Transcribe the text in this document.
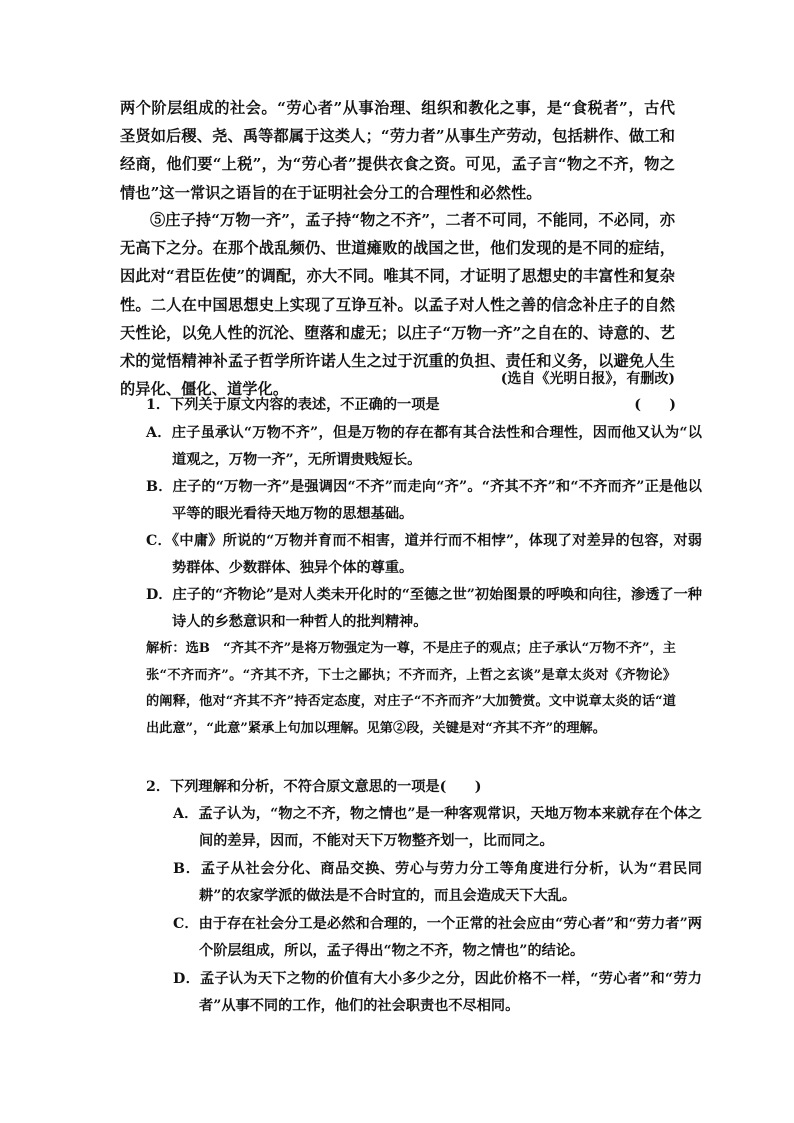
两个阶层组成的社会。“劳心者”从事治理、组织和教化之事，是“食税者”，古代圣贤如后稷、尧、禹等都属于这类人；“劳力者”从事生产劳动，包括耕作、做工和经商，他们要“上税”，为“劳心者”提供衣食之资。可见，孟子言“物之不齐，物之情也”这一常识之语旨的在于证明社会分工的合理性和必然性。

⑤庄子持“万物一齐”，孟子持“物之不齐”，二者不可同，不能同，不必同，亦无高下之分。在那个战乱频仍、世道瘫败的战国之世，他们发现的是不同的症结，因此对“君臣佐使”的调配，亦大不同。唯其不同，才证明了思想史的丰富性和复杂性。二人在中国思想史上实现了互诤互补。以孟子对人性之善的信念补庄子的自然天性论，以免人性的沉沦、堕落和虚无；以庄子“万物一齐”之自在的、诗意的、艺术的觉悟精神补孟子哲学所许诺人生之过于沉重的负担、责任和义务，以避免人生的异化、僵化、道学化。

(选自《光明日报》，有删改)
1．下列关于原文内容的表述，不正确的一项是	(　　)

A．庄子虽承认“万物不齐”，但是万物的存在都有其合法性和合理性，因而他又认为“以道观之，万物一齐”，无所谓贵贱短长。

B．庄子的“万物一齐”是强调因“不齐”而走向“齐”。“齐其不齐”和“不齐而齐”正是他以平等的眼光看待天地万物的思想基础。

C．《中庸》所说的“万物并育而不相害，道并行而不相悖”，体现了对差异的包容，对弱势群体、少数群体、独异个体的尊重。

D．庄子的“齐物论”是对人类未开化时的“至德之世”初始图景的呼唤和向往，渗透了一种诗人的乡愁意识和一种哲人的批判精神。

解析：选B　“齐其不齐”是将万物强定为一尊，不是庄子的观点；庄子承认“万物不齐”，主张“不齐而齐”。“齐其不齐，下士之鄙执；不齐而齐，上哲之玄谈”是章太炎对《齐物论》的阐释，他对“齐其不齐”持否定态度，对庄子“不齐而齐”大加赞赏。文中说章太炎的话“道出此意”，“此意”紧承上句加以理解。见第②段，关键是对“齐其不齐”的理解。

2．下列理解和分析，不符合原文意思的一项是(　　)

A．孟子认为，“物之不齐，物之情也”是一种客观常识，天地万物本来就存在个体之间的差异，因而，不能对天下万物整齐划一，比而同之。

B．孟子从社会分化、商品交换、劳心与劳力分工等角度进行分析，认为“君民同耕”的农家学派的做法是不合时宜的，而且会造成天下大乱。

C．由于存在社会分工是必然和合理的，一个正常的社会应由“劳心者”和“劳力者”两个阶层组成，所以，孟子得出“物之不齐，物之情也”的结论。

D．孟子认为天下之物的价值有大小多少之分，因此价格不一样，“劳心者”和“劳力者”从事不同的工作，他们的社会职责也不尽相同。
